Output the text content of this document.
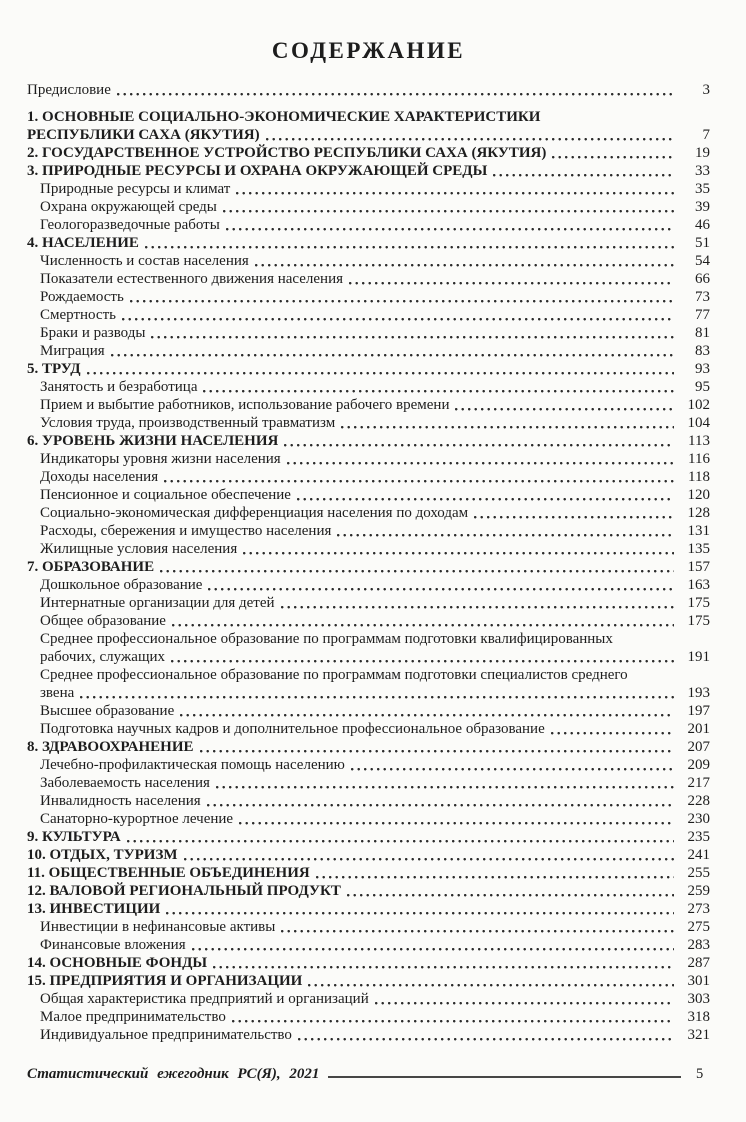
СОДЕРЖАНИЕ
Предисловие	3
1. ОСНОВНЫЕ СОЦИАЛЬНО-ЭКОНОМИЧЕСКИЕ ХАРАКТЕРИСТИКИ
РЕСПУБЛИКИ САХА (ЯКУТИЯ)	7
2. ГОСУДАРСТВЕННОЕ УСТРОЙСТВО РЕСПУБЛИКИ САХА (ЯКУТИЯ)	19
3. ПРИРОДНЫЕ РЕСУРСЫ И ОХРАНА ОКРУЖАЮЩЕЙ СРЕДЫ	33
Природные ресурсы и климат	35
Охрана окружающей среды	39
Геологоразведочные работы	46
4. НАСЕЛЕНИЕ	51
Численность и состав населения	54
Показатели естественного движения населения	66
Рождаемость	73
Смертность	77
Браки и разводы	81
Миграция	83
5. ТРУД	93
Занятость и безработица	95
Прием и выбытие работников, использование рабочего времени	102
Условия труда, производственный травматизм	104
6. УРОВЕНЬ ЖИЗНИ НАСЕЛЕНИЯ	113
Индикаторы уровня жизни населения	116
Доходы населения	118
Пенсионное и социальное обеспечение	120
Социально-экономическая дифференциация населения по доходам	128
Расходы, сбережения и имущество населения	131
Жилищные условия населения	135
7. ОБРАЗОВАНИЕ	157
Дошкольное образование	163
Интернатные организации для детей	175
Общее образование	175
Среднее профессиональное образование по программам подготовки квалифицированных
рабочих, служащих	191
Среднее профессиональное образование по программам подготовки специалистов среднего
звена	193
Высшее образование	197
Подготовка научных кадров и дополнительное профессиональное образование	201
8. ЗДРАВООХРАНЕНИЕ	207
Лечебно-профилактическая помощь населению	209
Заболеваемость населения	217
Инвалидность населения	228
Санаторно-курортное лечение	230
9. КУЛЬТУРА	235
10. ОТДЫХ, ТУРИЗМ	241
11. ОБЩЕСТВЕННЫЕ ОБЪЕДИНЕНИЯ	255
12. ВАЛОВОЙ РЕГИОНАЛЬНЫЙ ПРОДУКТ	259
13. ИНВЕСТИЦИИ	273
Инвестиции в нефинансовые активы	275
Финансовые вложения	283
14. ОСНОВНЫЕ ФОНДЫ	287
15. ПРЕДПРИЯТИЯ И ОРГАНИЗАЦИИ	301
Общая характеристика предприятий и организаций	303
Малое предпринимательство	318
Индивидуальное предпринимательство	321
Статистический ежегодник РС(Я), 2021	5
